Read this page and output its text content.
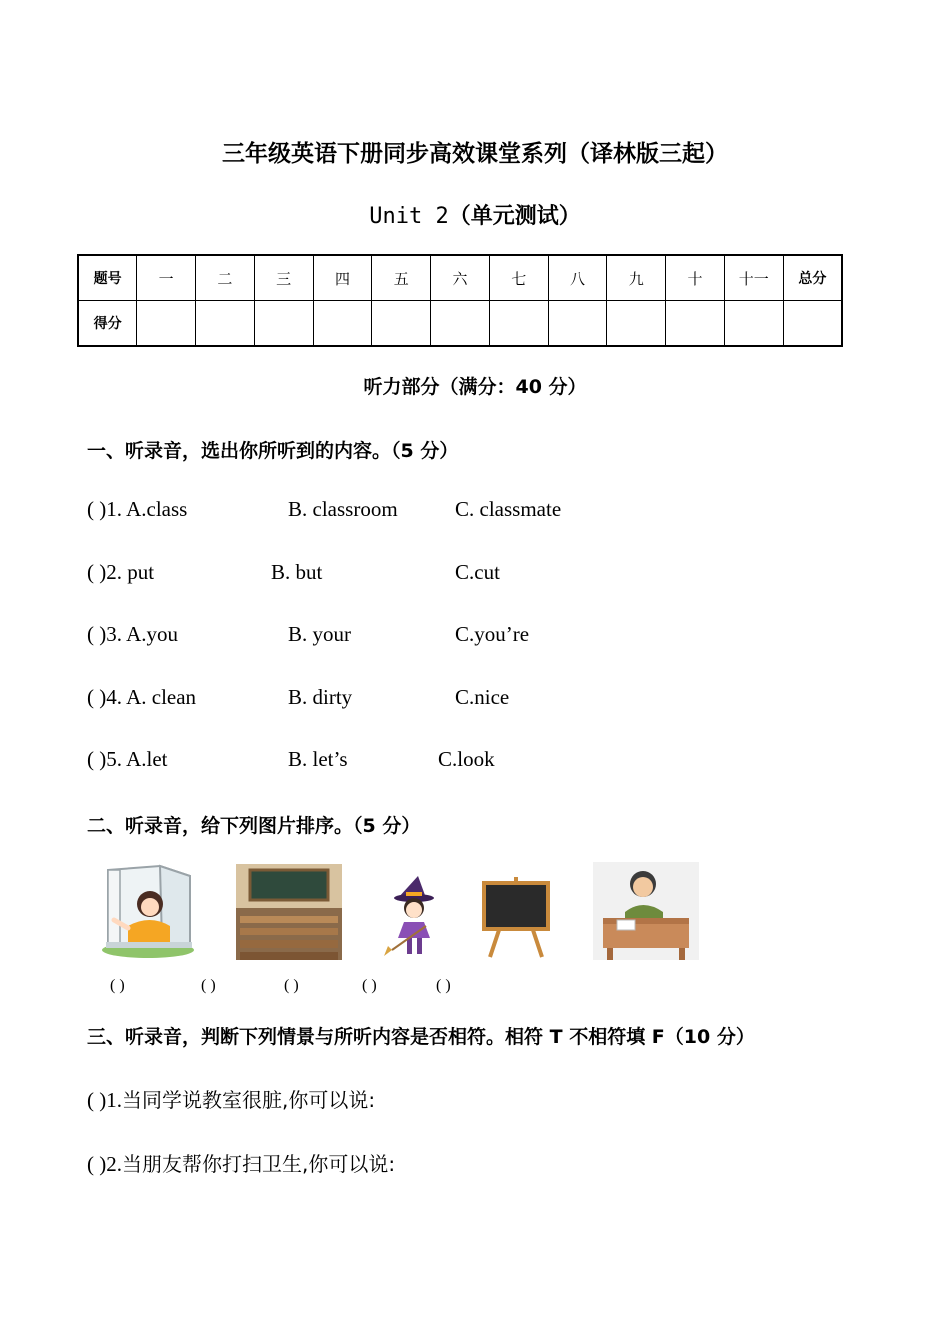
三年级英语下册同步高效课堂系列（译林版三起）
Unit 2（单元测试）
题号	一	二	三	四	五	六	七	八	九	十	十一	总分
得分												
听力部分（满分：40 分）
一、听录音，选出你所听到的内容。（5 分）
( )1. A.class	B. classroom	C. classmate
( )2. put	B. but	C.cut
( )3. A.you	B. your	C.you’re
( )4. A. clean	B. dirty	C.nice
( )5. A.let	B. let’s	C.look
二、听录音，给下列图片排序。（5 分）
( )	( )	( )	( )	( )
三、听录音，判断下列情景与所听内容是否相符。相符 T 不相符填 F（10 分）
( )1.当同学说教室很脏,你可以说:
( )2.当朋友帮你打扫卫生,你可以说:
